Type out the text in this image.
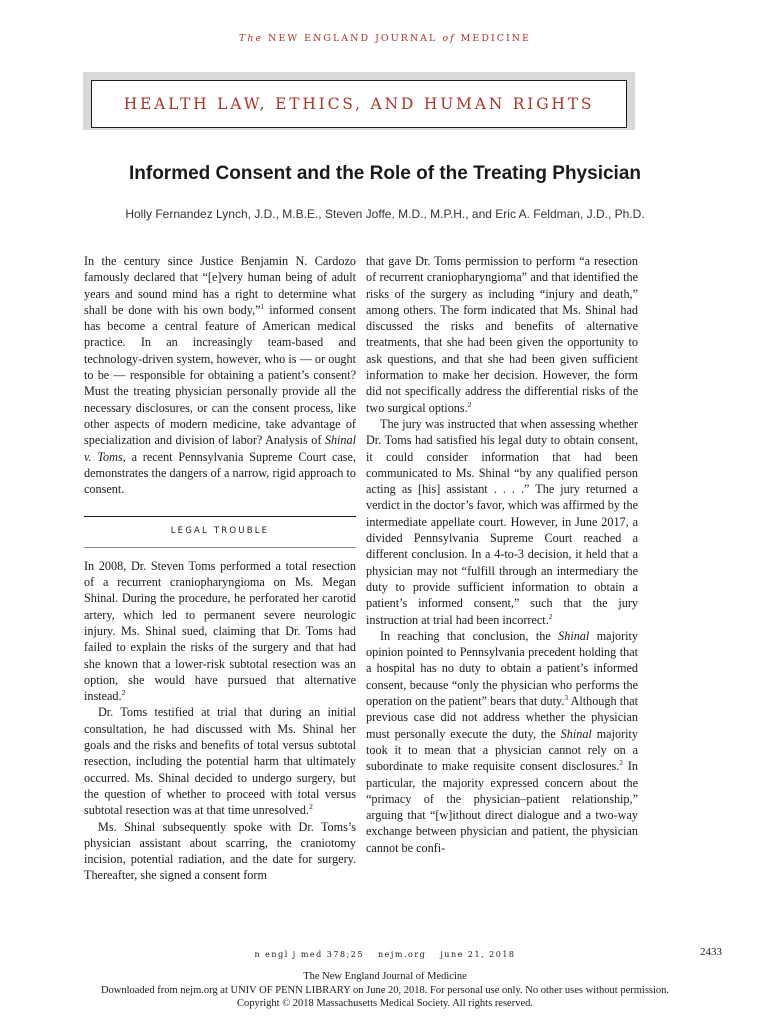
The NEW ENGLAND JOURNAL of MEDICINE
HEALTH LAW, ETHICS, AND HUMAN RIGHTS
Informed Consent and the Role of the Treating Physician
Holly Fernandez Lynch, J.D., M.B.E., Steven Joffe, M.D., M.P.H., and Eric A. Feldman, J.D., Ph.D.

In the century since Justice Benjamin N. Cardozo famously declared that “[e]very human being of adult years and sound mind has a right to determine what shall be done with his own body,”$^1$ informed consent has become a central feature of American medical practice. In an increasingly team-based and technology-driven system, however, who is — or ought to be — responsible for obtaining a patient’s consent? Must the treating physician personally provide all the necessary disclosures, or can the consent process, like other aspects of modern medicine, take advantage of specialization and division of labor? Analysis of Shinal v. Toms, a recent Pennsylvania Supreme Court case, demonstrates the dangers of a narrow, rigid approach to consent.

LEGAL TROUBLE

In 2008, Dr. Steven Toms performed a total resection of a recurrent craniopharyngioma on Ms. Megan Shinal. During the procedure, he perforated her carotid artery, which led to permanent severe neurologic injury. Ms. Shinal sued, claiming that Dr. Toms had failed to explain the risks of the surgery and that had she known that a lower-risk subtotal resection was an option, she would have pursued that alternative instead.$^2$

Dr. Toms testified at trial that during an initial consultation, he had discussed with Ms. Shinal her goals and the risks and benefits of total versus subtotal resection, including the potential harm that ultimately occurred. Ms. Shinal decided to undergo surgery, but the question of whether to proceed with total versus subtotal resection was at that time unresolved.$^2$

Ms. Shinal subsequently spoke with Dr. Toms’s physician assistant about scarring, the craniotomy incision, potential radiation, and the date for surgery. Thereafter, she signed a consent form

that gave Dr. Toms permission to perform “a resection of recurrent craniopharyngioma” and that identified the risks of the surgery as including “injury and death,” among others. The form indicated that Ms. Shinal had discussed the risks and benefits of alternative treatments, that she had been given the opportunity to ask questions, and that she had been given sufficient information to make her decision. However, the form did not specifically address the differential risks of the two surgical options.$^2$

The jury was instructed that when assessing whether Dr. Toms had satisfied his legal duty to obtain consent, it could consider information that had been communicated to Ms. Shinal “by any qualified person acting as [his] assistant . . . .” The jury returned a verdict in the doctor’s favor, which was affirmed by the intermediate appellate court. However, in June 2017, a divided Pennsylvania Supreme Court reached a different conclusion. In a 4-to-3 decision, it held that a physician may not “fulfill through an intermediary the duty to provide sufficient information to obtain a patient’s informed consent,” such that the jury instruction at trial had been incorrect.$^2$

In reaching that conclusion, the Shinal majority opinion pointed to Pennsylvania precedent holding that a hospital has no duty to obtain a patient’s informed consent, because “only the physician who performs the operation on the patient” bears that duty.$^3$ Although that previous case did not address whether the physician must personally execute the duty, the Shinal majority took it to mean that a physician cannot rely on a subordinate to make requisite consent disclosures.$^2$ In particular, the majority expressed concern about the “primacy of the physician–patient relationship,” arguing that “[w]ithout direct dialogue and a two-way exchange between physician and patient, the physician cannot be confi-

n engl j med 378;25 nejm.org june 21, 2018	2433
The New England Journal of Medicine
Downloaded from nejm.org at UNIV OF PENN LIBRARY on June 20, 2018. For personal use only. No other uses without permission.
Copyright © 2018 Massachusetts Medical Society. All rights reserved.
